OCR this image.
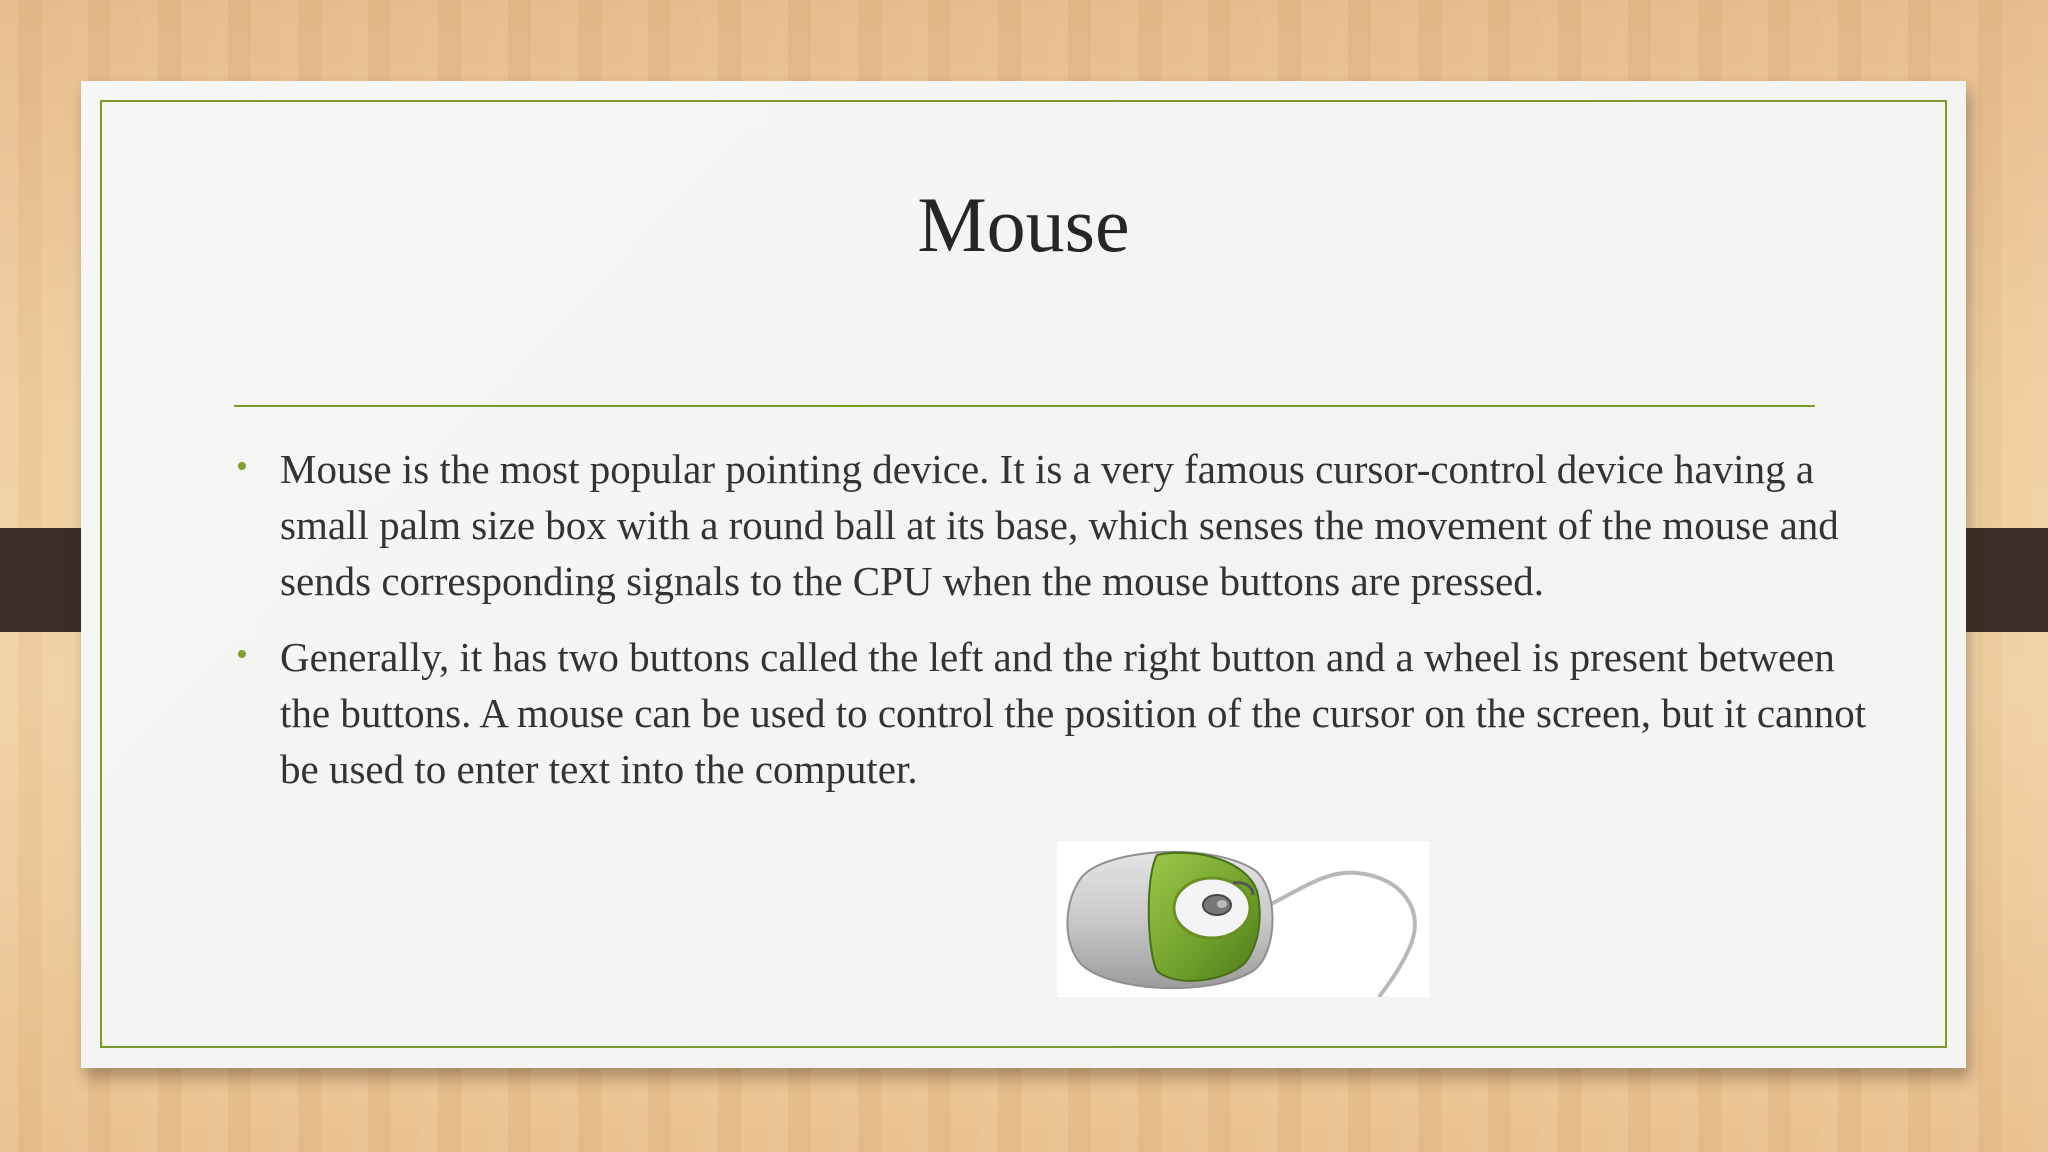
Mouse
• Mouse is the most popular pointing device. It is a very famous cursor-control device having a small palm size box with a round ball at its base, which senses the movement of the mouse and sends corresponding signals to the CPU when the mouse buttons are pressed.
• Generally, it has two buttons called the left and the right button and a wheel is present between the buttons. A mouse can be used to control the position of the cursor on the screen, but it cannot be used to enter text into the computer.
